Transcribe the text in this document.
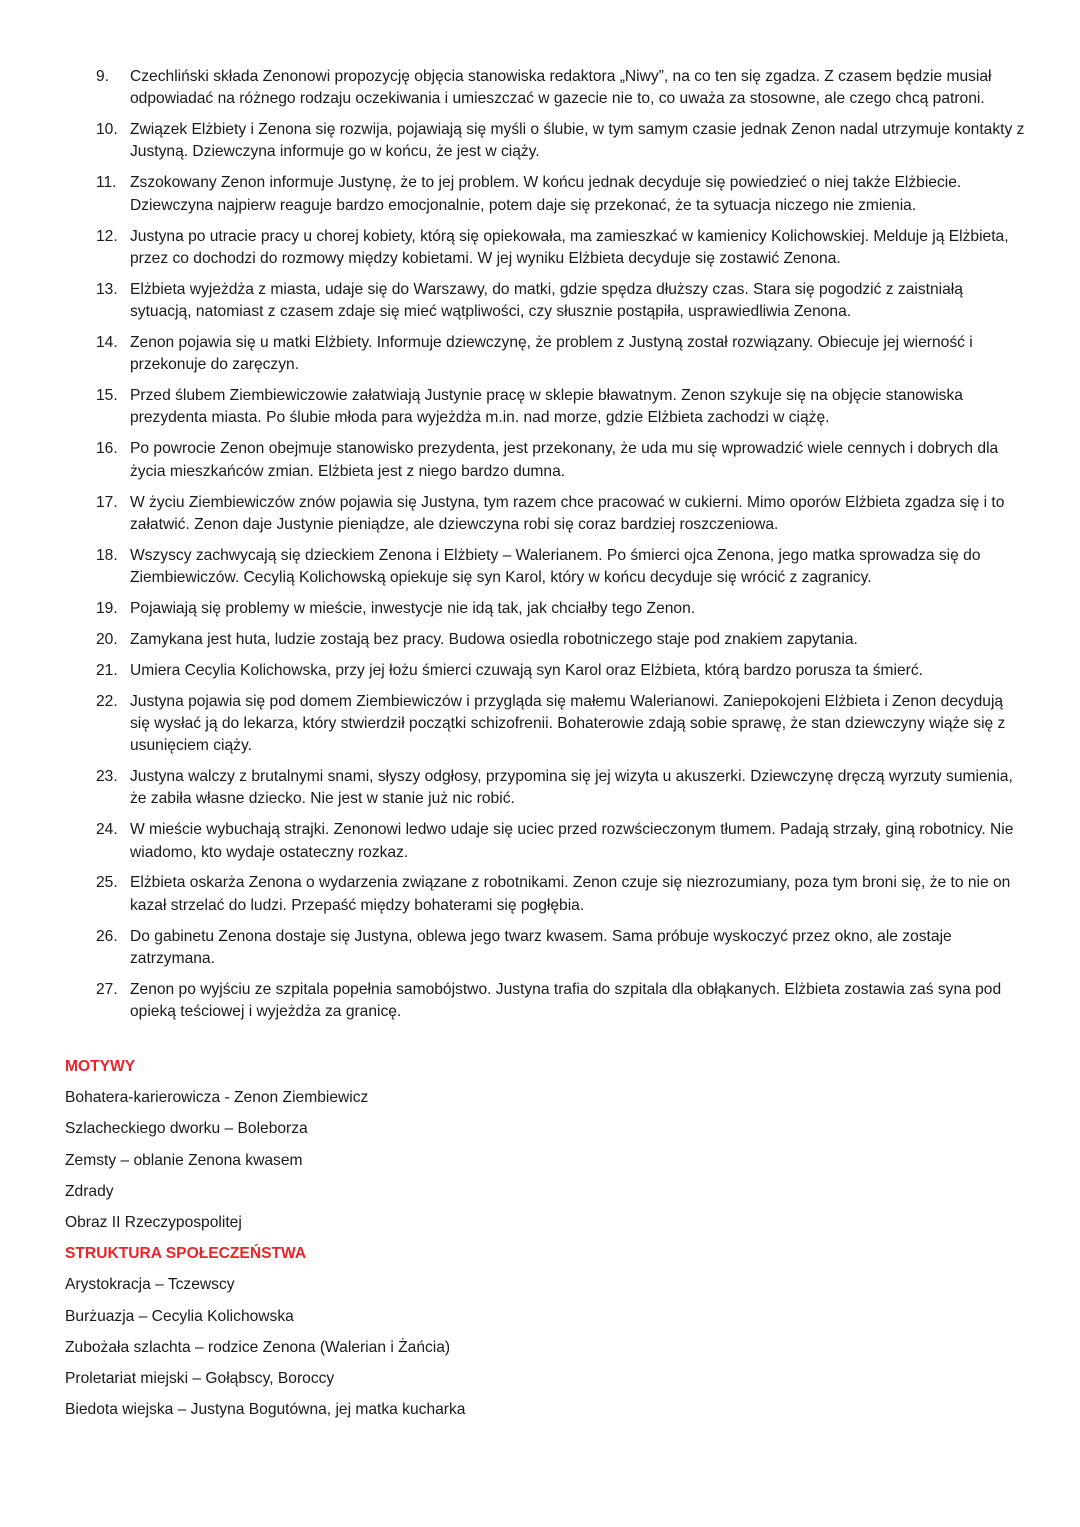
9.	Czechliński składa Zenonowi propozycję objęcia stanowiska redaktora „Niwy”, na co ten się zgadza. Z czasem będzie musiał odpowiadać na różnego rodzaju oczekiwania i umieszczać w gazecie nie to, co uważa za stosowne, ale czego chcą patroni.
10. Związek Elżbiety i Zenona się rozwija, pojawiają się myśli o ślubie, w tym samym czasie jednak Zenon nadal utrzymuje kontakty z Justyną. Dziewczyna informuje go w końcu, że jest w ciąży.
11. Zszokowany Zenon informuje Justynę, że to jej problem. W końcu jednak decyduje się powiedzieć o niej także Elżbiecie. Dziewczyna najpierw reaguje bardzo emocjonalnie, potem daje się przekonać, że ta sytuacja niczego nie zmienia.
12. Justyna po utracie pracy u chorej kobiety, którą się opiekowała, ma zamieszkać w kamienicy Kolichowskiej. Melduje ją Elżbieta, przez co dochodzi do rozmowy między kobietami. W jej wyniku Elżbieta decyduje się zostawić Zenona.
13. Elżbieta wyjeżdża z miasta, udaje się do Warszawy, do matki, gdzie spędza dłuższy czas. Stara się pogodzić z zaistniałą sytuacją, natomiast z czasem zdaje się mieć wątpliwości, czy słusznie postąpiła, usprawiedliwia Zenona.
14. Zenon pojawia się u matki Elżbiety. Informuje dziewczynę, że problem z Justyną został rozwiązany. Obiecuje jej wierność i przekonuje do zaręczyn.
15. Przed ślubem Ziembiewiczowie załatwiają Justynie pracę w sklepie bławatnym. Zenon szykuje się na objęcie stanowiska prezydenta miasta. Po ślubie młoda para wyjeżdża m.in. nad morze, gdzie Elżbieta zachodzi w ciążę.
16. Po powrocie Zenon obejmuje stanowisko prezydenta, jest przekonany, że uda mu się wprowadzić wiele cennych i dobrych dla życia mieszkańców zmian. Elżbieta jest z niego bardzo dumna.
17. W życiu Ziembiewiczów znów pojawia się Justyna, tym razem chce pracować w cukierni. Mimo oporów Elżbieta zgadza się i to załatwić. Zenon daje Justynie pieniądze, ale dziewczyna robi się coraz bardziej roszczeniowa.
18. Wszyscy zachwycają się dzieckiem Zenona i Elżbiety – Walerianem. Po śmierci ojca Zenona, jego matka sprowadza się do Ziembiewiczów. Cecylią Kolichowską opiekuje się syn Karol, który w końcu decyduje się wrócić z zagranicy.
19. Pojawiają się problemy w mieście, inwestycje nie idą tak, jak chciałby tego Zenon.
20. Zamykana jest huta, ludzie zostają bez pracy. Budowa osiedla robotniczego staje pod znakiem zapytania.
21. Umiera Cecylia Kolichowska, przy jej łożu śmierci czuwają syn Karol oraz Elżbieta, którą bardzo porusza ta śmierć.
22. Justyna pojawia się pod domem Ziembiewiczów i przygląda się małemu Walerianowi. Zaniepokojeni Elżbieta i Zenon decydują się wysłać ją do lekarza, który stwierdził początki schizofrenii. Bohaterowie zdają sobie sprawę, że stan dziewczyny wiąże się z usunięciem ciąży.
23. Justyna walczy z brutalnymi snami, słyszy odgłosy, przypomina się jej wizyta u akuszerki. Dziewczynę dręczą wyrzuty sumienia, że zabiła własne dziecko. Nie jest w stanie już nic robić.
24. W mieście wybuchają strajki. Zenonowi ledwo udaje się uciec przed rozwścieczonym tłumem. Padają strzały, giną robotnicy. Nie wiadomo, kto wydaje ostateczny rozkaz.
25. Elżbieta oskarża Zenona o wydarzenia związane z robotnikami. Zenon czuje się niezrozumiany, poza tym broni się, że to nie on kazał strzelać do ludzi. Przepaść między bohaterami się pogłębia.
26. Do gabinetu Zenona dostaje się Justyna, oblewa jego twarz kwasem. Sama próbuje wyskoczyć przez okno, ale zostaje zatrzymana.
27. Zenon po wyjściu ze szpitala popełnia samobójstwo. Justyna trafia do szpitala dla obłąkanych. Elżbieta zostawia zaś syna pod opieką teściowej i wyjeżdża za granicę.
MOTYWY
Bohatera-karierowicza - Zenon Ziembiewicz
Szlacheckiego dworku – Boleborza
Zemsty – oblanie Zenona kwasem
Zdrady
Obraz II Rzeczypospolitej
STRUKTURA SPOŁECZEŃSTWA
Arystokracja – Tczewscy
Burżuazja – Cecylia Kolichowska
Zubożała szlachta – rodzice Zenona (Walerian i Żańcia)
Proletariat miejski – Gołąbscy, Boroccy
Biedota wiejska – Justyna Bogutówna, jej matka kucharka
